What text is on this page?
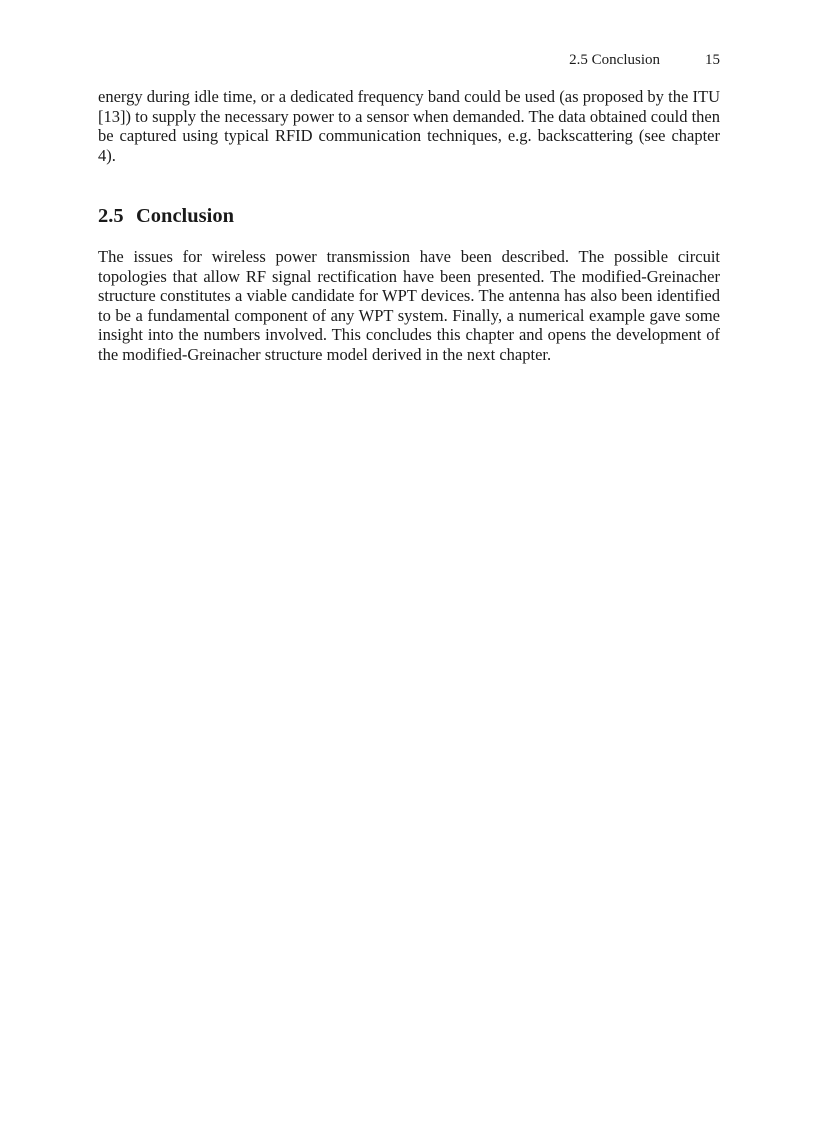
2.5 Conclusion	15

energy during idle time, or a dedicated frequency band could be used (as proposed by the ITU [13]) to supply the necessary power to a sensor when demanded. The data obtained could then be captured using typical RFID communication techniques, e.g. backscattering (see chapter 4).

2.5 Conclusion

The issues for wireless power transmission have been described. The possible circuit topologies that allow RF signal rectification have been presented. The modified-Greinacher structure constitutes a viable candidate for WPT devices. The antenna has also been identified to be a fundamental component of any WPT system. Finally, a numerical example gave some insight into the numbers involved. This concludes this chapter and opens the development of the modified-Greinacher structure model derived in the next chapter.
